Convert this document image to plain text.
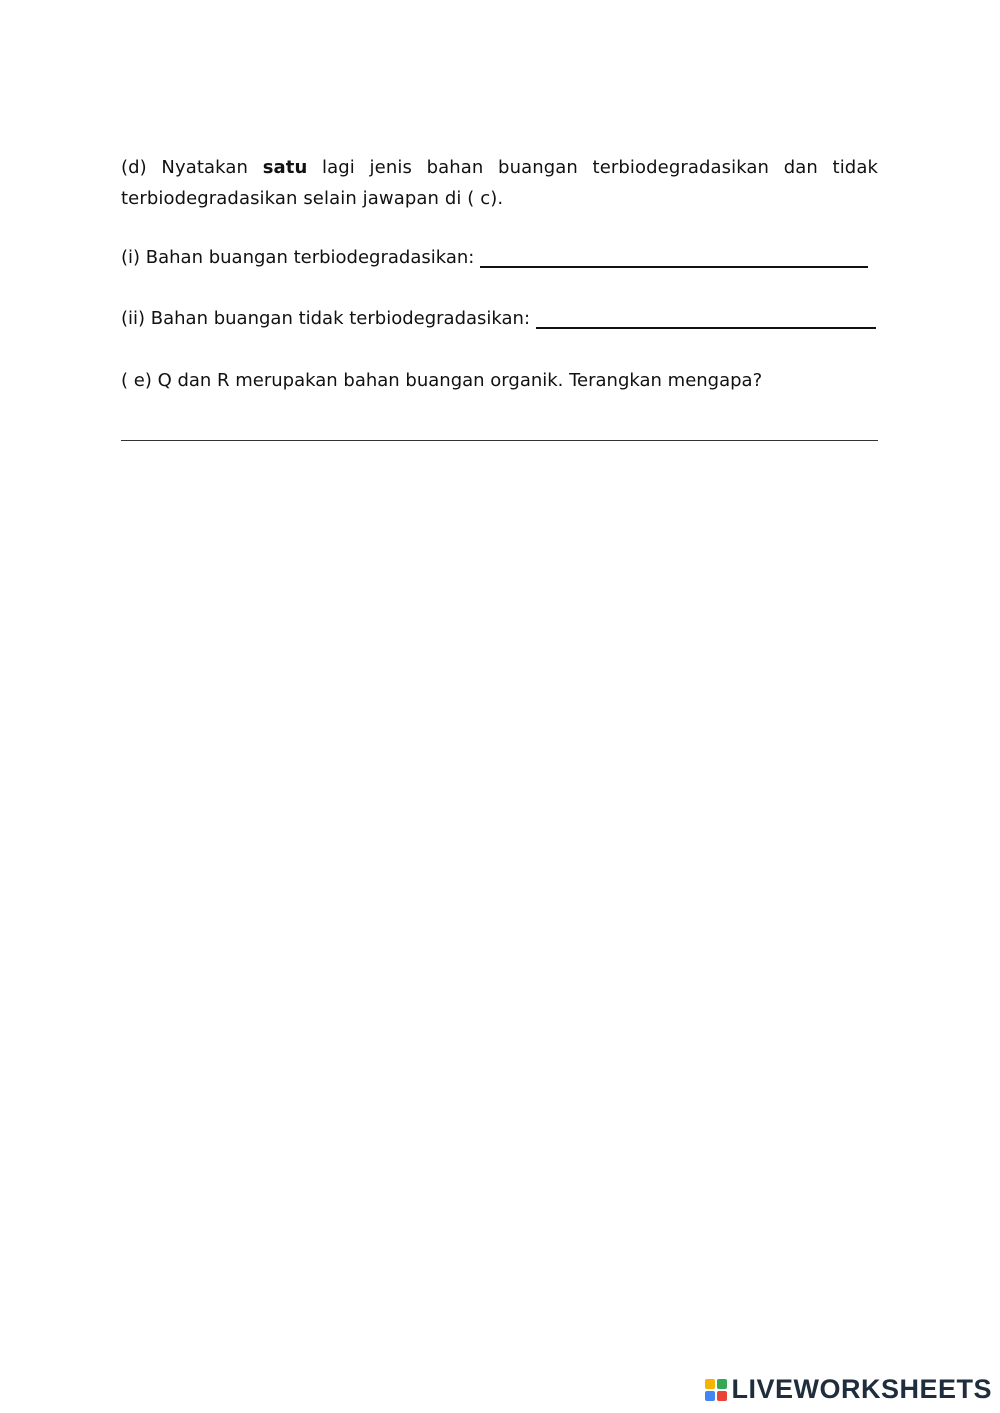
(d) Nyatakan satu lagi jenis bahan buangan terbiodegradasikan dan tidak terbiodegradasikan selain jawapan di ( c).

(i) Bahan buangan terbiodegradasikan:
(ii) Bahan buangan tidak terbiodegradasikan:
( e) Q dan R merupakan bahan buangan organik. Terangkan mengapa?
LIVEWORKSHEETS
